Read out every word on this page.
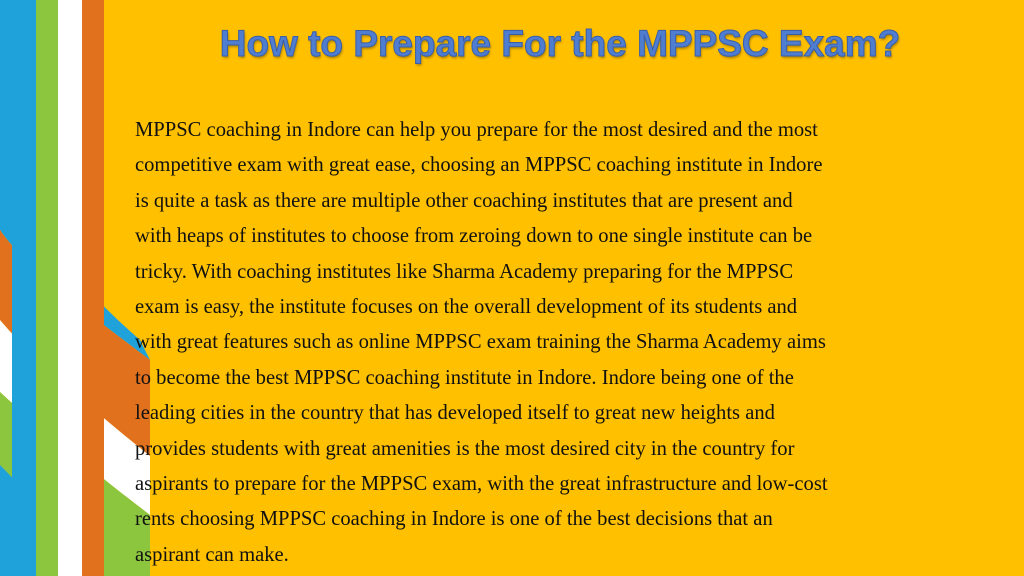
How to Prepare For the MPPSC Exam?

MPPSC coaching in Indore can help you prepare for the most desired and the most
competitive exam with great ease, choosing an MPPSC coaching institute in Indore
is quite a task as there are multiple other coaching institutes that are present and
with heaps of institutes to choose from zeroing down to one single institute can be
tricky. With coaching institutes like Sharma Academy preparing for the MPPSC
exam is easy, the institute focuses on the overall development of its students and
with great features such as online MPPSC exam training the Sharma Academy aims
to become the best MPPSC coaching institute in Indore. Indore being one of the
leading cities in the country that has developed itself to great new heights and
provides students with great amenities is the most desired city in the country for
aspirants to prepare for the MPPSC exam, with the great infrastructure and low-cost
rents choosing MPPSC coaching in Indore is one of the best decisions that an
aspirant can make.
